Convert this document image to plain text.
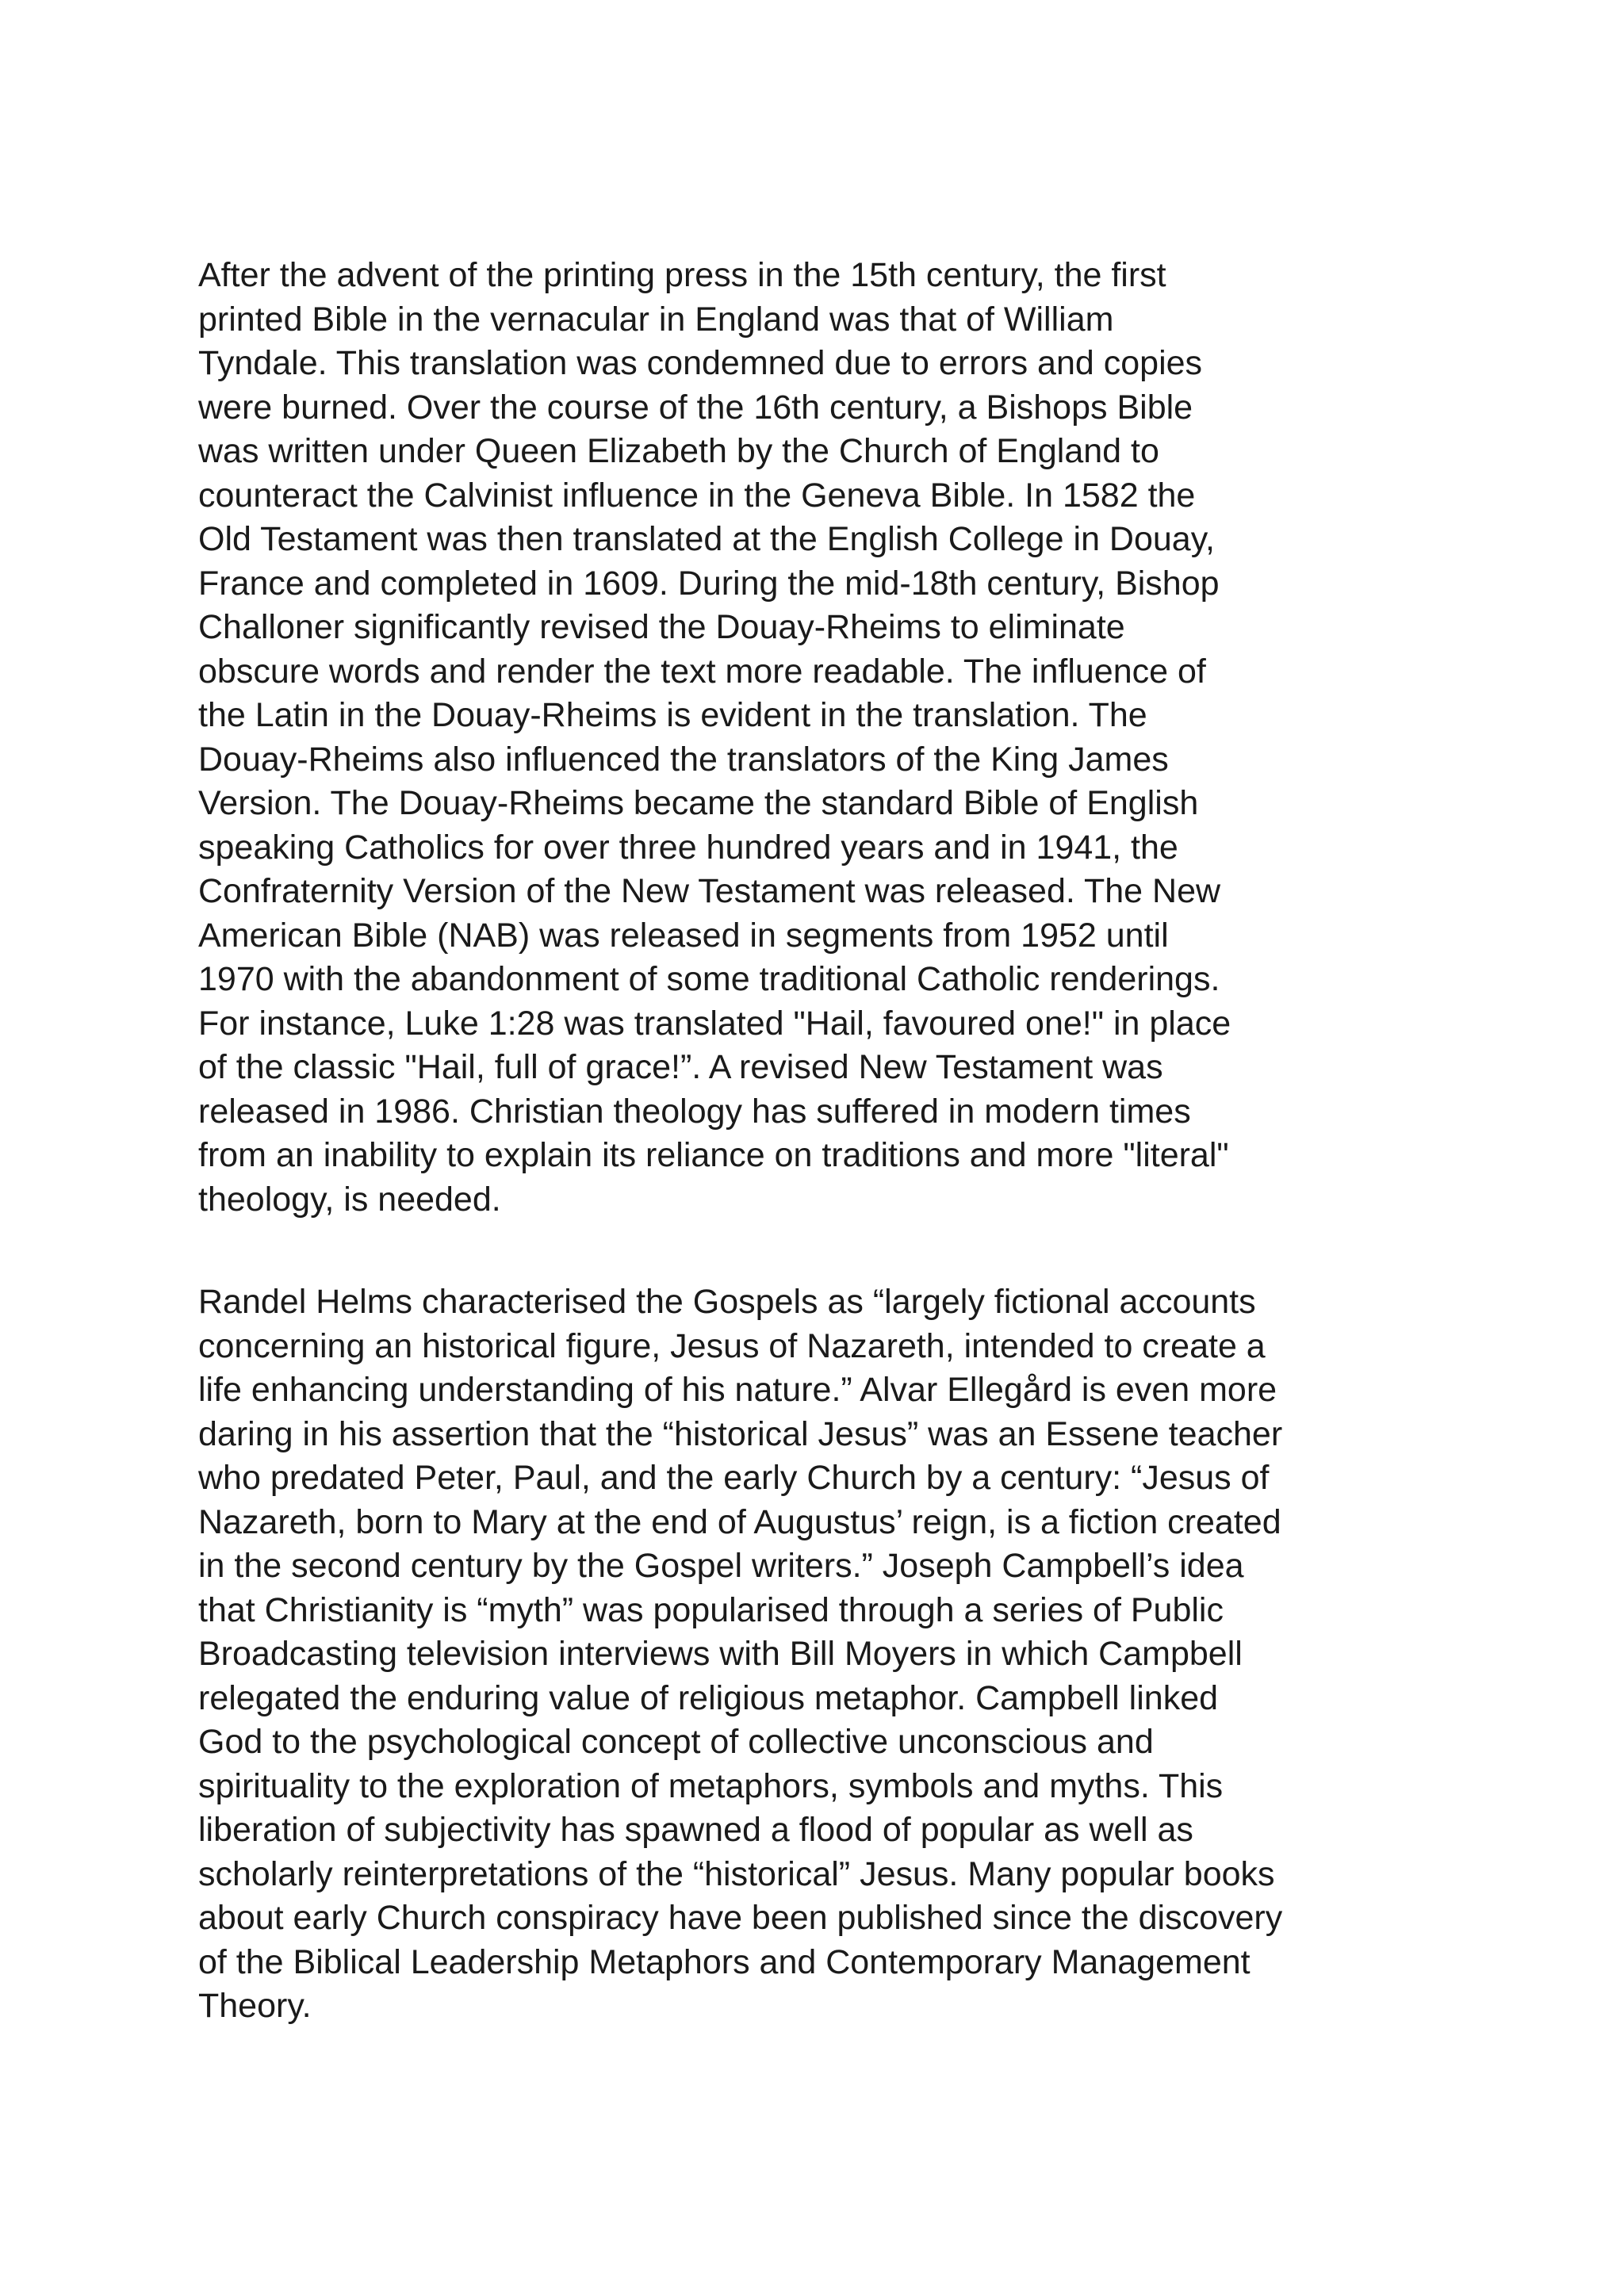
After the advent of the printing press in the 15th century, the first
printed Bible in the vernacular in England was that of William
Tyndale. This translation was condemned due to errors and copies
were burned. Over the course of the 16th century, a Bishops Bible
was written under Queen Elizabeth by the Church of England to
counteract the Calvinist influence in the Geneva Bible. In 1582 the
Old Testament was then translated at the English College in Douay,
France and completed in 1609. During the mid-18th century, Bishop
Challoner significantly revised the Douay-Rheims to eliminate
obscure words and render the text more readable. The influence of
the Latin in the Douay-Rheims is evident in the translation. The
Douay-Rheims also influenced the translators of the King James
Version. The Douay-Rheims became the standard Bible of English
speaking Catholics for over three hundred years and in 1941, the
Confraternity Version of the New Testament was released. The New
American Bible (NAB) was released in segments from 1952 until
1970 with the abandonment of some traditional Catholic renderings.
For instance, Luke 1:28 was translated "Hail, favoured one!" in place
of the classic "Hail, full of grace!”. A revised New Testament was
released in 1986. Christian theology has suffered in modern times
from an inability to explain its reliance on traditions and more "literal"
theology, is needed.
Randel Helms characterised the Gospels as “largely fictional accounts
concerning an historical figure, Jesus of Nazareth, intended to create a
life enhancing understanding of his nature.” Alvar Ellegård is even more
daring in his assertion that the “historical Jesus” was an Essene teacher
who predated Peter, Paul, and the early Church by a century: “Jesus of
Nazareth, born to Mary at the end of Augustus’ reign, is a fiction created
in the second century by the Gospel writers.” Joseph Campbell’s idea
that Christianity is “myth” was popularised through a series of Public
Broadcasting television interviews with Bill Moyers in which Campbell
relegated the enduring value of religious metaphor. Campbell linked
God to the psychological concept of collective unconscious and
spirituality to the exploration of metaphors, symbols and myths. This
liberation of subjectivity has spawned a flood of popular as well as
scholarly reinterpretations of the “historical” Jesus. Many popular books
about early Church conspiracy have been published since the discovery
of the Biblical Leadership Metaphors and Contemporary Management
Theory.
